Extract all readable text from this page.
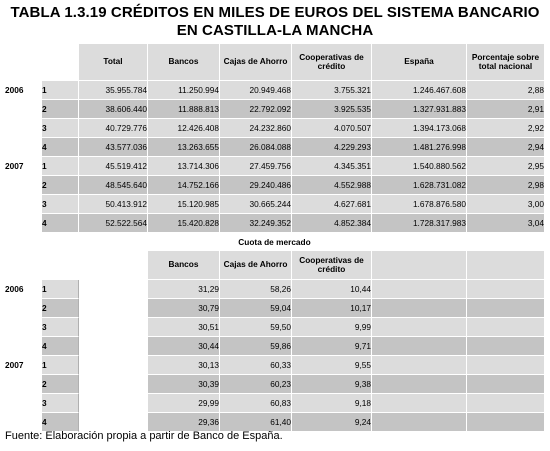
TABLA 1.3.19 CRÉDITOS EN MILES DE EUROS DEL SISTEMA BANCARIO
EN CASTILLA-LA MANCHA
		Total	Bancos	Cajas de Ahorro	Cooperativas de crédito	España	Porcentaje sobre total nacional
2006	1	35.955.784	11.250.994	20.949.468	3.755.321	1.246.467.608	2,88
	2	38.606.440	11.888.813	22.792.092	3.925.535	1.327.931.883	2,91
	3	40.729.776	12.426.408	24.232.860	4.070.507	1.394.173.068	2,92
	4	43.577.036	13.263.655	26.084.088	4.229.293	1.481.276.998	2,94
2007	1	45.519.412	13.714.306	27.459.756	4.345.351	1.540.880.562	2,95
	2	48.545.640	14.752.166	29.240.486	4.552.988	1.628.731.082	2,98
	3	50.413.912	15.120.985	30.665.244	4.627.681	1.678.876.580	3,00
	4	52.522.564	15.420.828	32.249.352	4.852.384	1.728.317.983	3,04
Cuota de mercado							
			Bancos	Cajas de Ahorro	Cooperativas de crédito		
2006	1		31,29	58,26	10,44		
	2		30,79	59,04	10,17		
	3		30,51	59,50	9,99		
	4		30,44	59,86	9,71		
2007	1		30,13	60,33	9,55		
	2		30,39	60,23	9,38		
	3		29,99	60,83	9,18		
	4		29,36	61,40	9,24		
Fuente: Elaboración propia a partir de Banco de España.
